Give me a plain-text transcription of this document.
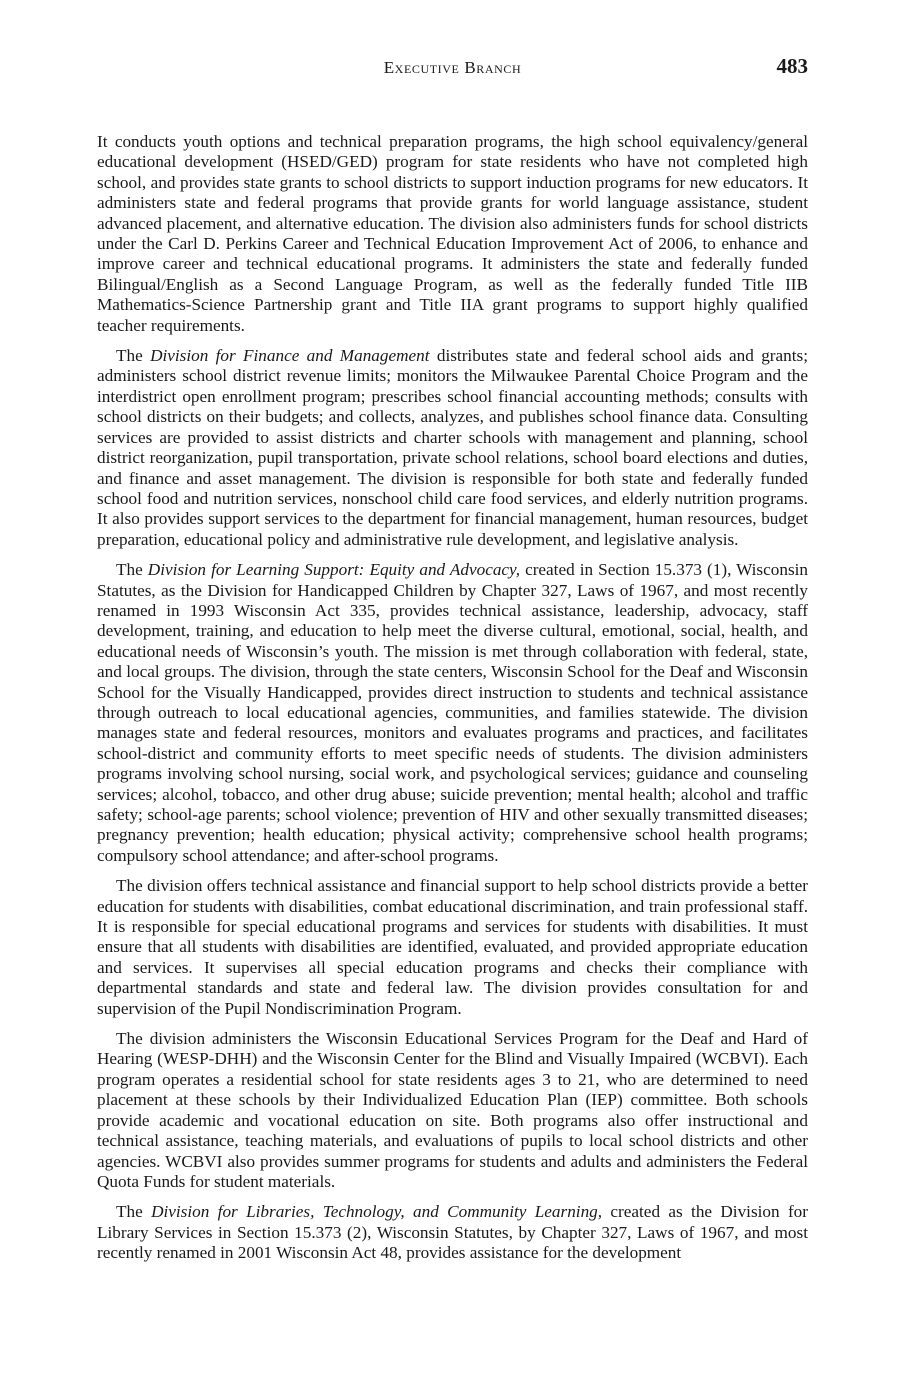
Executive Branch	483

It conducts youth options and technical preparation programs, the high school equivalency/general educational development (HSED/GED) program for state residents who have not completed high school, and provides state grants to school districts to support induction programs for new educators. It administers state and federal programs that provide grants for world language assistance, student advanced placement, and alternative education. The division also administers funds for school districts under the Carl D. Perkins Career and Technical Education Improvement Act of 2006, to enhance and improve career and technical educational programs. It administers the state and federally funded Bilingual/English as a Second Language Program, as well as the federally funded Title IIB Mathematics-Science Partnership grant and Title IIA grant programs to support highly qualified teacher requirements.

The Division for Finance and Management distributes state and federal school aids and grants; administers school district revenue limits; monitors the Milwaukee Parental Choice Program and the interdistrict open enrollment program; prescribes school financial accounting methods; consults with school districts on their budgets; and collects, analyzes, and publishes school finance data. Consulting services are provided to assist districts and charter schools with management and planning, school district reorganization, pupil transportation, private school relations, school board elections and duties, and finance and asset management. The division is responsible for both state and federally funded school food and nutrition services, nonschool child care food services, and elderly nutrition programs. It also provides support services to the department for financial management, human resources, budget preparation, educational policy and administrative rule development, and legislative analysis.

The Division for Learning Support: Equity and Advocacy, created in Section 15.373 (1), Wisconsin Statutes, as the Division for Handicapped Children by Chapter 327, Laws of 1967, and most recently renamed in 1993 Wisconsin Act 335, provides technical assistance, leadership, advocacy, staff development, training, and education to help meet the diverse cultural, emotional, social, health, and educational needs of Wisconsin’s youth. The mission is met through collaboration with federal, state, and local groups. The division, through the state centers, Wisconsin School for the Deaf and Wisconsin School for the Visually Handicapped, provides direct instruction to students and technical assistance through outreach to local educational agencies, communities, and families statewide. The division manages state and federal resources, monitors and evaluates programs and practices, and facilitates school-district and community efforts to meet specific needs of students. The division administers programs involving school nursing, social work, and psychological services; guidance and counseling services; alcohol, tobacco, and other drug abuse; suicide prevention; mental health; alcohol and traffic safety; school-age parents; school violence; prevention of HIV and other sexually transmitted diseases; pregnancy prevention; health education; physical activity; comprehensive school health programs; compulsory school attendance; and after-school programs.

The division offers technical assistance and financial support to help school districts provide a better education for students with disabilities, combat educational discrimination, and train professional staff. It is responsible for special educational programs and services for students with disabilities. It must ensure that all students with disabilities are identified, evaluated, and provided appropriate education and services. It supervises all special education programs and checks their compliance with departmental standards and state and federal law. The division provides consultation for and supervision of the Pupil Nondiscrimination Program.

The division administers the Wisconsin Educational Services Program for the Deaf and Hard of Hearing (WESP-DHH) and the Wisconsin Center for the Blind and Visually Impaired (WCBVI). Each program operates a residential school for state residents ages 3 to 21, who are determined to need placement at these schools by their Individualized Education Plan (IEP) committee. Both schools provide academic and vocational education on site. Both programs also offer instructional and technical assistance, teaching materials, and evaluations of pupils to local school districts and other agencies. WCBVI also provides summer programs for students and adults and administers the Federal Quota Funds for student materials.

The Division for Libraries, Technology, and Community Learning, created as the Division for Library Services in Section 15.373 (2), Wisconsin Statutes, by Chapter 327, Laws of 1967, and most recently renamed in 2001 Wisconsin Act 48, provides assistance for the development
